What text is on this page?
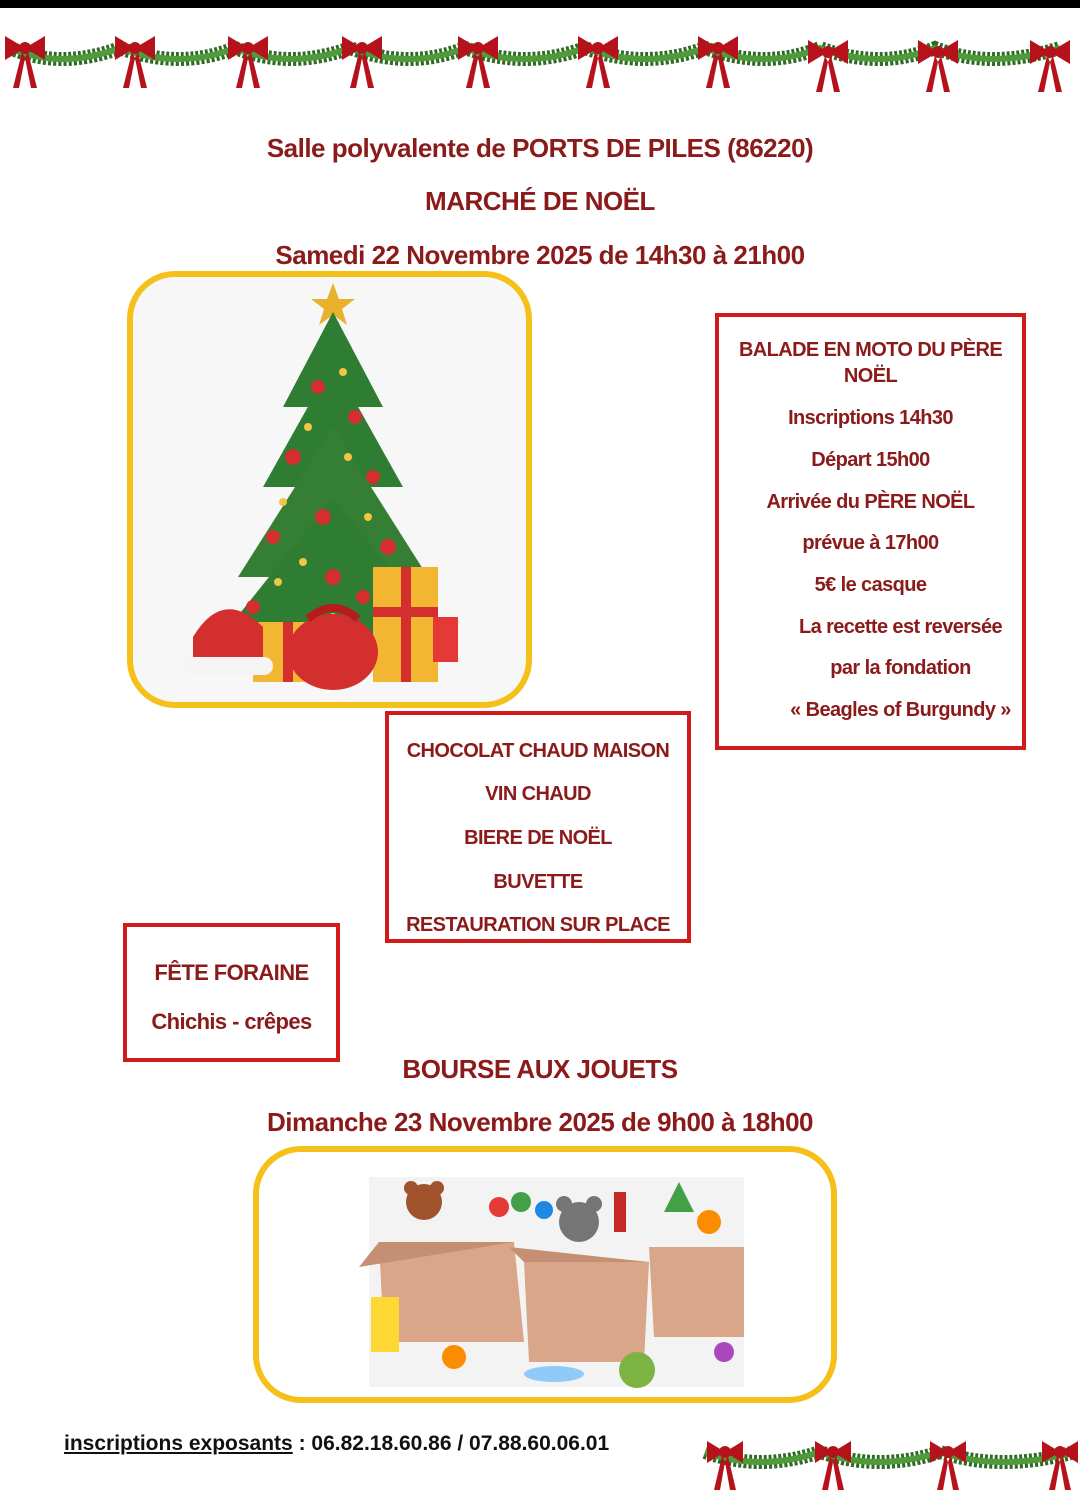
Salle polyvalente de PORTS DE PILES (86220)
MARCHÉ DE NOËL
Samedi 22 Novembre 2025 de 14h30 à 21h00
BALADE EN MOTO DU PÈRE
NOËL
Inscriptions 14h30
Départ 15h00
Arrivée du PÈRE NOËL
prévue à 17h00
5€ le casque
La recette est reversée
par la fondation
« Beagles of Burgundy »
CHOCOLAT CHAUD MAISON
VIN CHAUD
BIERE DE NOËL
BUVETTE
RESTAURATION SUR PLACE
FÊTE FORAINE
Chichis - crêpes
BOURSE AUX JOUETS
Dimanche 23 Novembre 2025 de 9h00 à 18h00
inscriptions exposants : 06.82.18.60.86 / 07.88.60.06.01
